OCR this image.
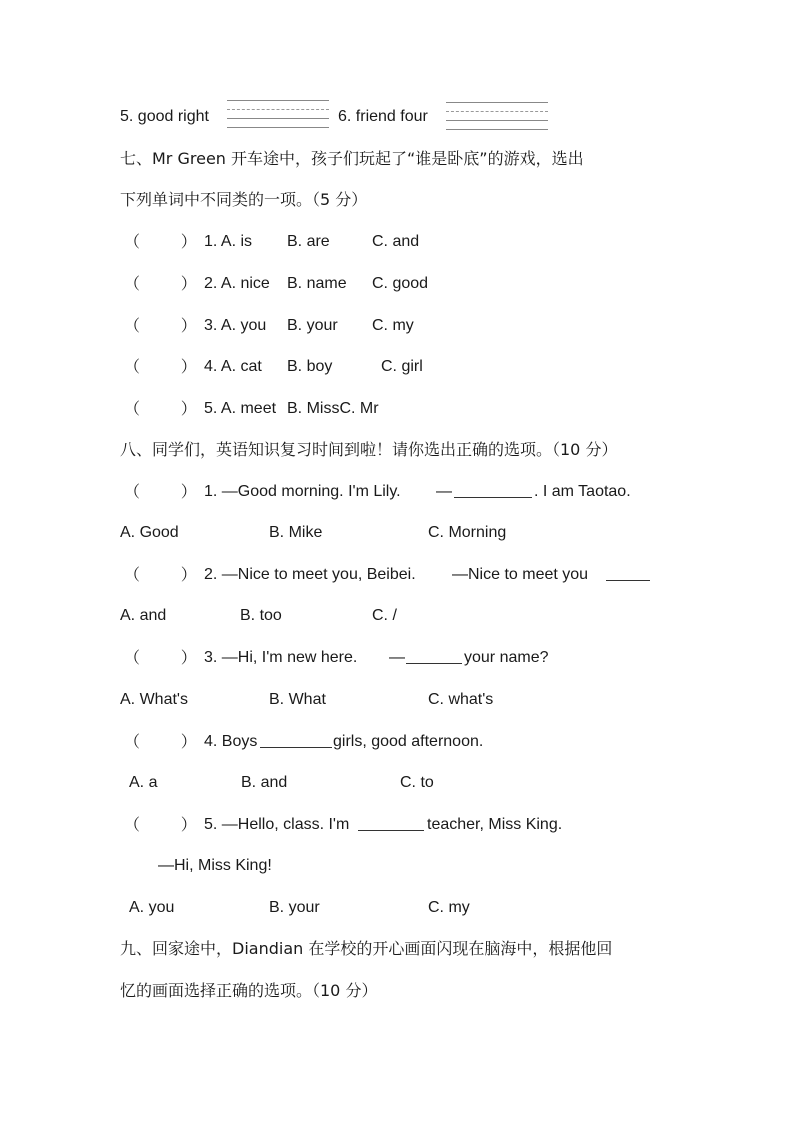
5. good right	6. friend four
七、Mr Green 开车途中，孩子们玩起了“谁是卧底”的游戏，选出
下列单词中不同类的一项。（5 分）
（        ） 1. A. is B. are	C. and
（        ） 2. A. nice B. name C. good
（        ） 3. A. you B. your C. my
（        ） 4. A. cat B. boy	C. girl
（        ） 5. A. meet B. MissC. Mr
八、同学们，英语知识复习时间到啦！请你选出正确的选项。（10 分）
（        ） 1. —Good morning. I'm Lily. —	. I am Taotao.
A. Good	B. Mike	C. Morning
（        ） 2. —Nice to meet you, Beibei. —Nice to meet you
A. and	B. too	C. /
（        ） 3. —Hi, I'm new here. —	your name?
A. What's	B. What	C. what's
（        ） 4. Boys	girls, good afternoon.
A. a	B. and	C. to
（        ） 5. —Hello, class. I'm	teacher, Miss King.
—Hi, Miss King!
A. you	B. your	C. my
九、回家途中，Diandian 在学校的开心画面闪现在脑海中，根据他回
忆的画面选择正确的选项。（10 分）
